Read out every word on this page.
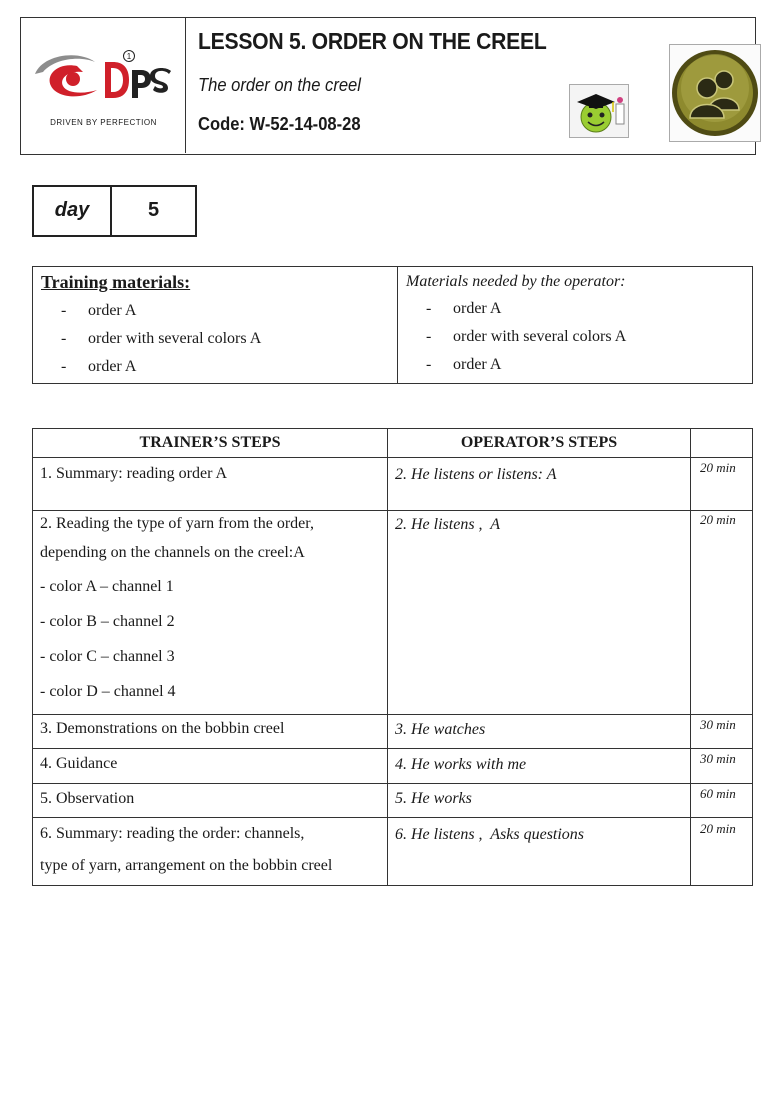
1
DRIVEN BY PERFECTION
LESSON 5. ORDER ON THE CREEL
The order on the creel
Code: W-52-14-08-28
day	5
Training materials:
- order A
- order with several colors A
- order A
Materials needed by the operator:
- order A
- order with several colors A
- order A
TRAINER’S STEPS	OPERATOR’S STEPS
1. Summary: reading order A	2. He listens or listens: A	20 min
2. Reading the type of yarn from the order,
depending on the channels on the creel:A
- color A – channel 1
- color B – channel 2
- color C – channel 3
- color D – channel 4
2. He listens ,  A	20 min
3. Demonstrations on the bobbin creel	3. He watches	30 min
4. Guidance	4. He works with me	30 min
5. Observation	5. He works	60 min
6. Summary: reading the order: channels,
type of yarn, arrangement on the bobbin creel
6. He listens ,  Asks questions	20 min
